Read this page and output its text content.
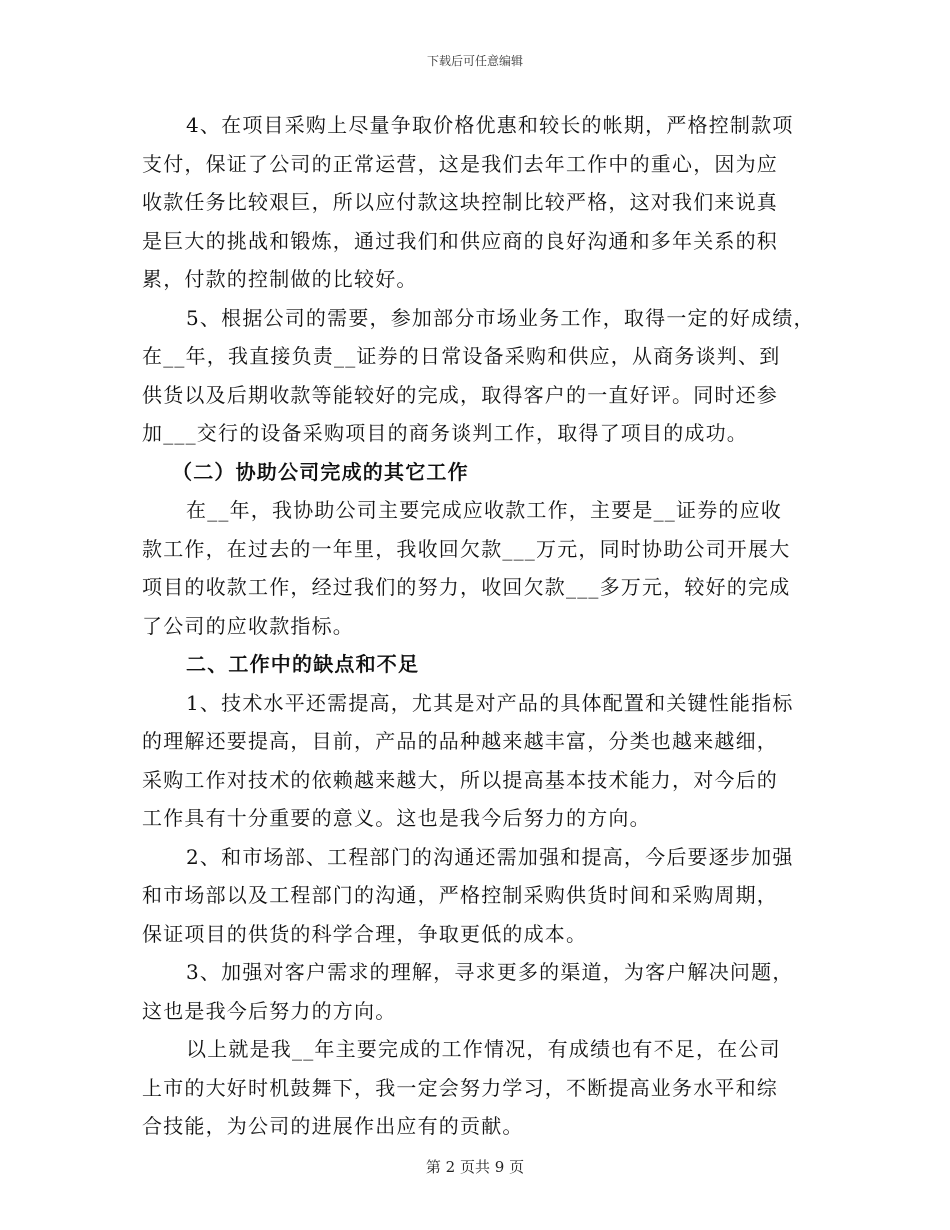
下载后可任意编辑
4、在项目采购上尽量争取价格优惠和较长的帐期，严格控制款项
支付，保证了公司的正常运营，这是我们去年工作中的重心，因为应
收款任务比较艰巨，所以应付款这块控制比较严格，这对我们来说真
是巨大的挑战和锻炼，通过我们和供应商的良好沟通和多年关系的积
累，付款的控制做的比较好。
5、根据公司的需要，参加部分市场业务工作，取得一定的好成绩，
在__年，我直接负责__证券的日常设备采购和供应，从商务谈判、到
供货以及后期收款等能较好的完成，取得客户的一直好评。同时还参
加___交行的设备采购项目的商务谈判工作，取得了项目的成功。
（二）协助公司完成的其它工作
在__年，我协助公司主要完成应收款工作，主要是__证券的应收
款工作，在过去的一年里，我收回欠款___万元，同时协助公司开展大
项目的收款工作，经过我们的努力，收回欠款___多万元，较好的完成
了公司的应收款指标。
二、工作中的缺点和不足
1、技术水平还需提高，尤其是对产品的具体配置和关键性能指标
的理解还要提高，目前，产品的品种越来越丰富，分类也越来越细，
采购工作对技术的依赖越来越大，所以提高基本技术能力，对今后的
工作具有十分重要的意义。这也是我今后努力的方向。
2、和市场部、工程部门的沟通还需加强和提高，今后要逐步加强
和市场部以及工程部门的沟通，严格控制采购供货时间和采购周期，
保证项目的供货的科学合理，争取更低的成本。
3、加强对客户需求的理解，寻求更多的渠道，为客户解决问题，
这也是我今后努力的方向。
以上就是我__年主要完成的工作情况，有成绩也有不足，在公司
上市的大好时机鼓舞下，我一定会努力学习，不断提高业务水平和综
合技能，为公司的进展作出应有的贡献。
第 2 页共 9 页
